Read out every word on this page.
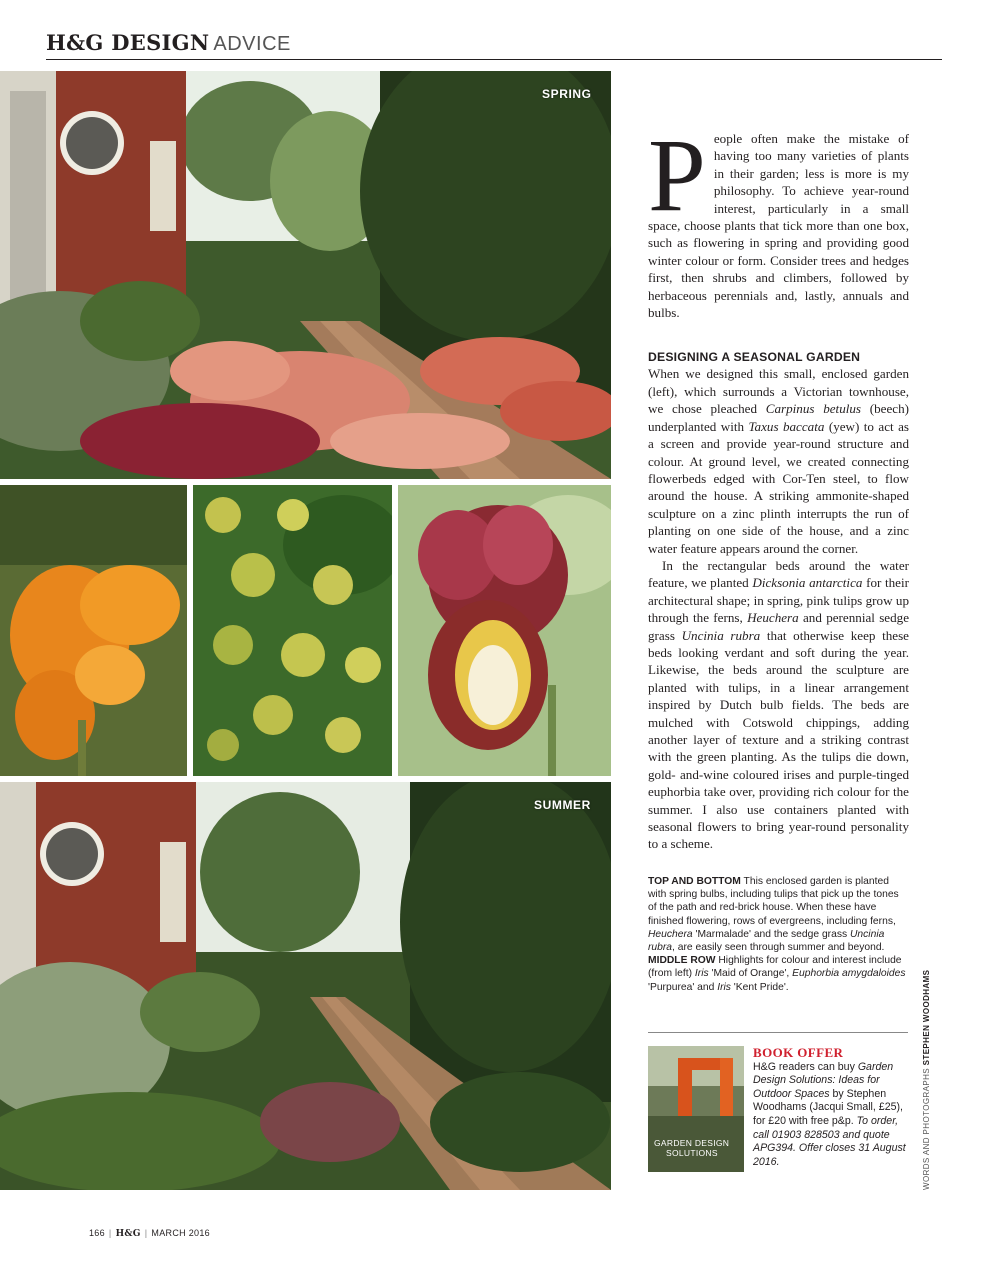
H&G DESIGN ADVICE
SPRING
SUMMER

People often make the mistake of having too many varieties of plants in their garden; less is more is my philosophy. To achieve year-round interest, particularly in a small space, choose plants that tick more than one box, such as flowering in spring and providing good winter colour or form. Consider trees and hedges first, then shrubs and climbers, followed by herbaceous perennials and, lastly, annuals and bulbs.

DESIGNING A SEASONAL GARDEN

When we designed this small, enclosed garden (left), which surrounds a Victorian townhouse, we chose pleached Carpinus betulus (beech) underplanted with Taxus baccata (yew) to act as a screen and provide year-round structure and colour. At ground level, we created connecting flowerbeds edged with Cor-Ten steel, to flow around the house. A striking ammonite-shaped sculpture on a zinc plinth interrupts the run of planting on one side of the house, and a zinc water feature appears around the corner.

In the rectangular beds around the water feature, we planted Dicksonia antarctica for their architectural shape; in spring, pink tulips grow up through the ferns, Heuchera and perennial sedge grass Uncinia rubra that otherwise keep these beds looking verdant and soft during the year. Likewise, the beds around the sculpture are planted with tulips, in a linear arrangement inspired by Dutch bulb fields. The beds are mulched with Cotswold chippings, adding another layer of texture and a striking contrast with the green planting. As the tulips die down, gold- and-wine coloured irises and purple-tinged euphorbia take over, providing rich colour for the summer. I also use containers planted with seasonal flowers to bring year-round personality to a scheme.

TOP AND BOTTOM This enclosed garden is planted with spring bulbs, including tulips that pick up the tones of the path and red-brick house. When these have finished flowering, rows of evergreens, including ferns, Heuchera 'Marmalade' and the sedge grass Uncinia rubra, are easily seen through summer and beyond.
MIDDLE ROW Highlights for colour and interest include (from left) Iris 'Maid of Orange', Euphorbia amygdaloides 'Purpurea' and Iris 'Kent Pride'.
WORDS AND PHOTOGRAPHS STEPHEN WOODHAMS
GARDEN DESIGN
SOLUTIONS
BOOK OFFER
H&G readers can buy Garden Design Solutions: Ideas for Outdoor Spaces by Stephen Woodhams (Jacqui Small, £25), for £20 with free p&p. To order, call 01903 828503 and quote APG394. Offer closes 31 August 2016.
166 | H&G | MARCH 2016
